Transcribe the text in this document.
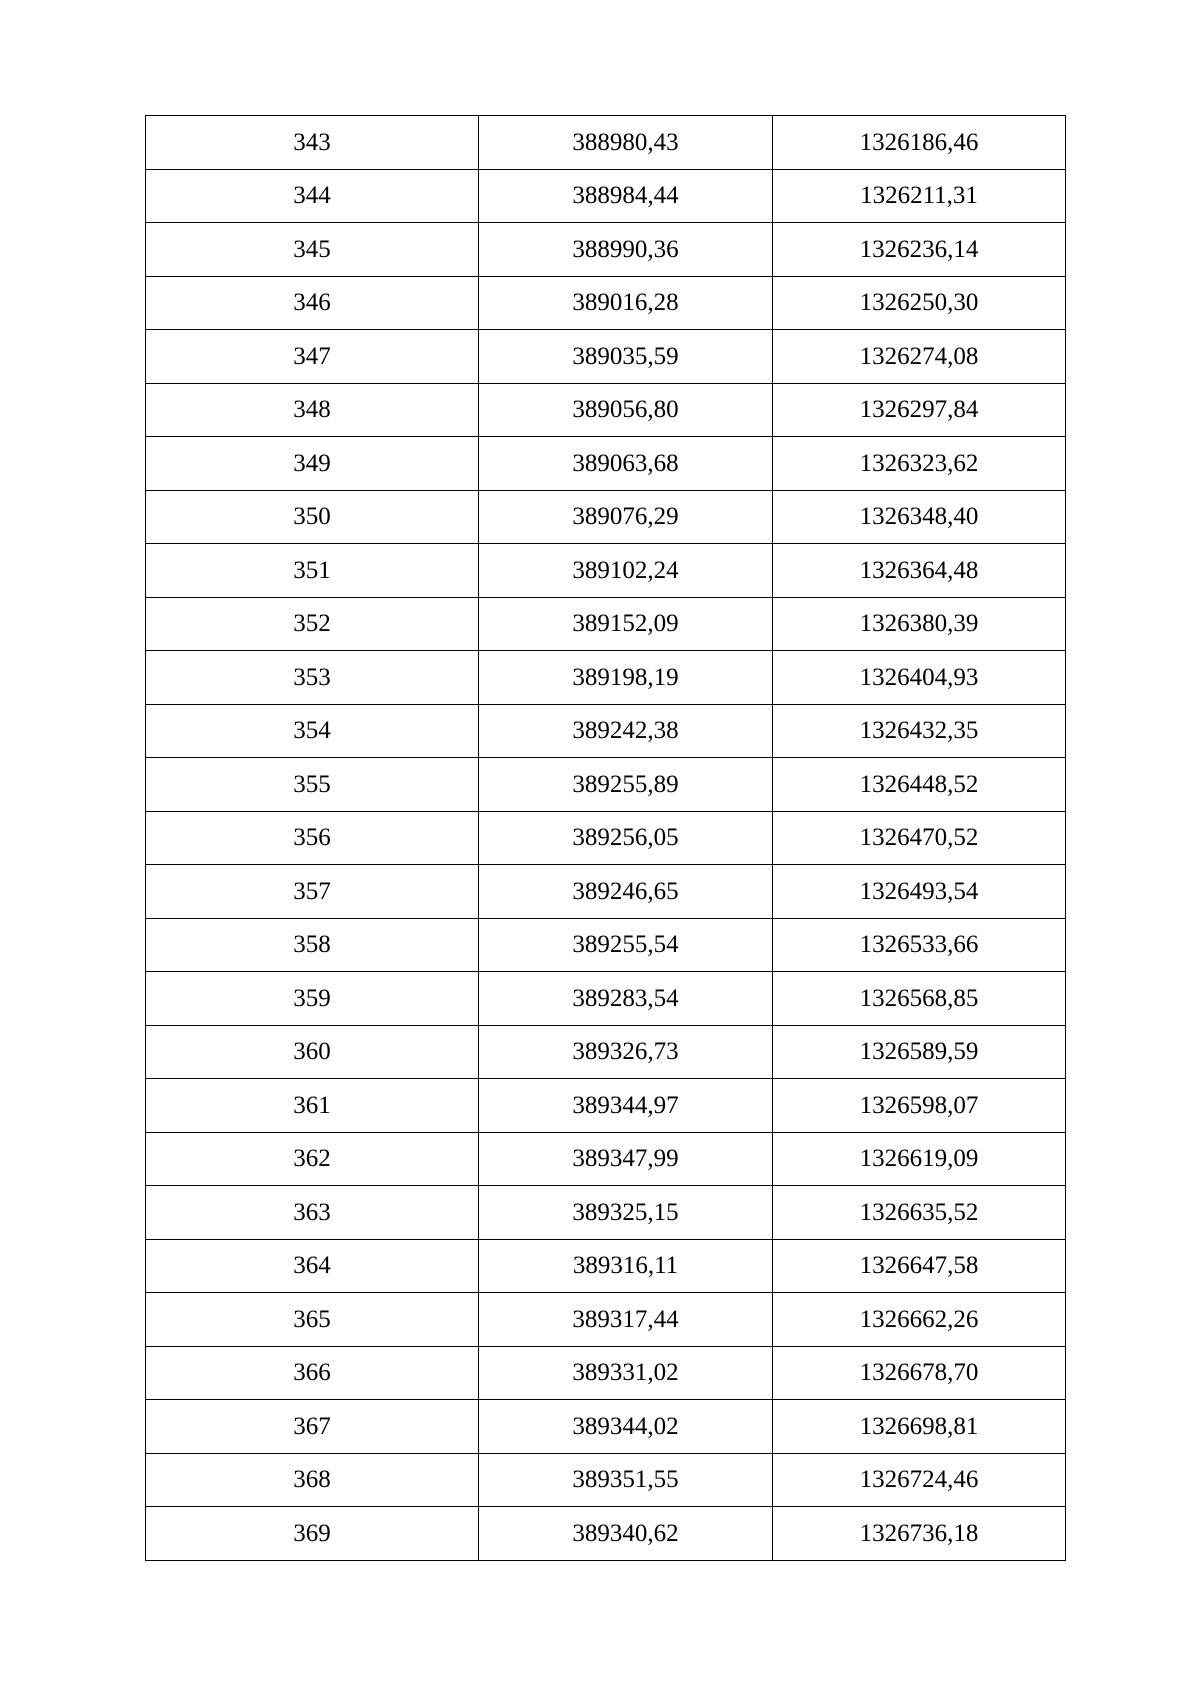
343	388980,43	1326186,46
344	388984,44	1326211,31
345	388990,36	1326236,14
346	389016,28	1326250,30
347	389035,59	1326274,08
348	389056,80	1326297,84
349	389063,68	1326323,62
350	389076,29	1326348,40
351	389102,24	1326364,48
352	389152,09	1326380,39
353	389198,19	1326404,93
354	389242,38	1326432,35
355	389255,89	1326448,52
356	389256,05	1326470,52
357	389246,65	1326493,54
358	389255,54	1326533,66
359	389283,54	1326568,85
360	389326,73	1326589,59
361	389344,97	1326598,07
362	389347,99	1326619,09
363	389325,15	1326635,52
364	389316,11	1326647,58
365	389317,44	1326662,26
366	389331,02	1326678,70
367	389344,02	1326698,81
368	389351,55	1326724,46
369	389340,62	1326736,18
